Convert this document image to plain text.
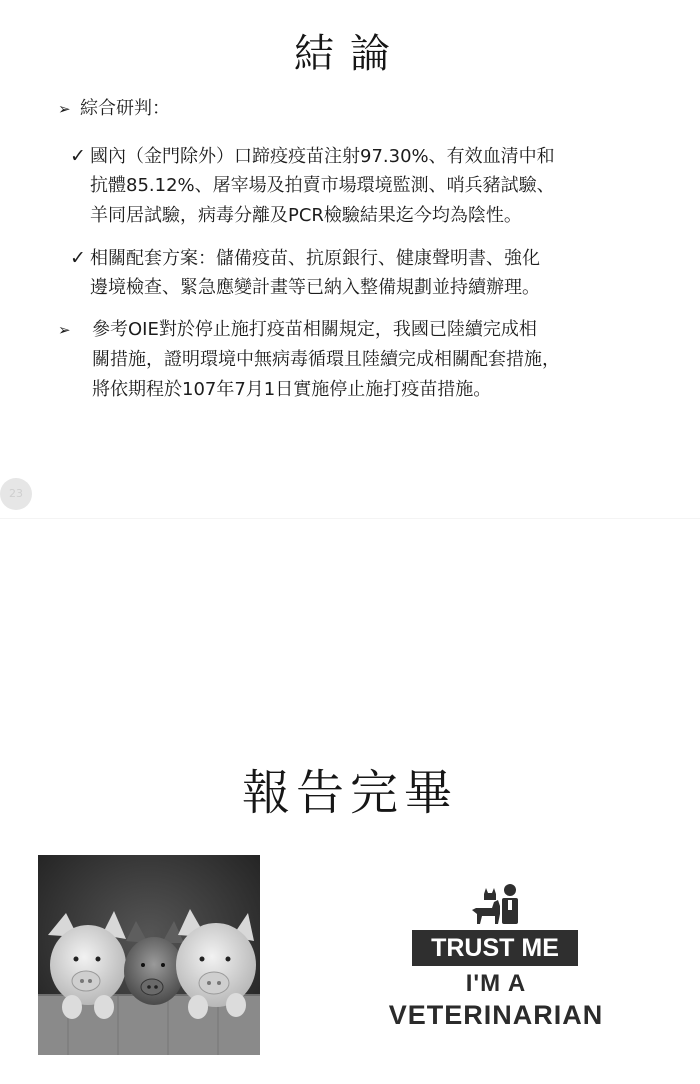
結論
➢ 綜合研判：
✓ 國內（金門除外）口蹄疫疫苗注射97.30%、有效血清中和
抗體85.12%、屠宰場及拍賣市場環境監測、哨兵豬試驗、
羊同居試驗，病毒分離及PCR檢驗結果迄今均為陰性。
✓ 相關配套方案：儲備疫苗、抗原銀行、健康聲明書、強化
邊境檢查、緊急應變計畫等已納入整備規劃並持續辦理。
➢ 參考OIE對於停止施打疫苗相關規定，我國已陸續完成相
關措施，證明環境中無病毒循環且陸續完成相關配套措施，
將依期程於107年7月1日實施停止施打疫苗措施。
23
報告完畢
TRUST ME
I'M A
VETERINARIAN
